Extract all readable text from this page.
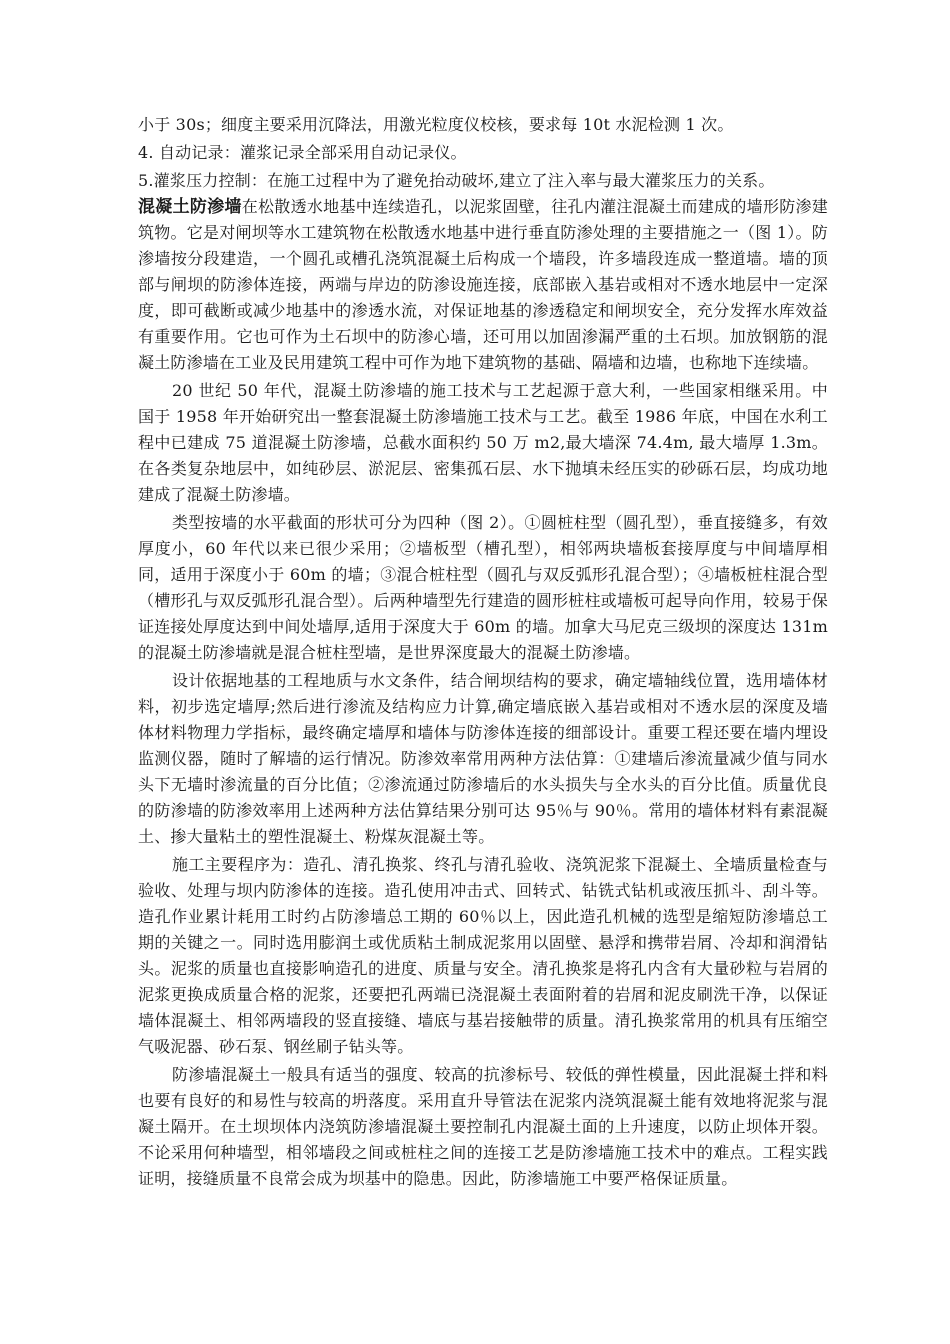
小于 30s；细度主要采用沉降法，用激光粒度仪校核，要求每 10t 水泥检测 1 次。

4. 自动记录：灌浆记录全部采用自动记录仪。

5.灌浆压力控制：在施工过程中为了避免抬动破坏,建立了注入率与最大灌浆压力的关系。

混凝土防渗墙在松散透水地基中连续造孔，以泥浆固壁，往孔内灌注混凝土而建成的墙形防渗建筑物。它是对闸坝等水工建筑物在松散透水地基中进行垂直防渗处理的主要措施之一（图 1）。防渗墙按分段建造，一个圆孔或槽孔浇筑混凝土后构成一个墙段，许多墙段连成一整道墙。墙的顶部与闸坝的防渗体连接，两端与岸边的防渗设施连接，底部嵌入基岩或相对不透水地层中一定深度，即可截断或减少地基中的渗透水流，对保证地基的渗透稳定和闸坝安全，充分发挥水库效益有重要作用。它也可作为土石坝中的防渗心墙，还可用以加固渗漏严重的土石坝。加放钢筋的混凝土防渗墙在工业及民用建筑工程中可作为地下建筑物的基础、隔墙和边墙，也称地下连续墙。

20 世纪 50 年代，混凝土防渗墙的施工技术与工艺起源于意大利，一些国家相继采用。中国于 1958 年开始研究出一整套混凝土防渗墙施工技术与工艺。截至 1986 年底，中国在水利工程中已建成 75 道混凝土防渗墙，总截水面积约 50 万 m2,最大墙深 74.4m, 最大墙厚 1.3m。在各类复杂地层中，如纯砂层、淤泥层、密集孤石层、水下抛填未经压实的砂砾石层，均成功地建成了混凝土防渗墙。

类型按墙的水平截面的形状可分为四种（图 2）。①圆桩柱型（圆孔型），垂直接缝多，有效厚度小，60 年代以来已很少采用；②墙板型（槽孔型），相邻两块墙板套接厚度与中间墙厚相同，适用于深度小于 60m 的墙；③混合桩柱型（圆孔与双反弧形孔混合型）；④墙板桩柱混合型（槽形孔与双反弧形孔混合型）。后两种墙型先行建造的圆形桩柱或墙板可起导向作用，较易于保证连接处厚度达到中间处墙厚,适用于深度大于 60m 的墙。加拿大马尼克三级坝的深度达 131m 的混凝土防渗墙就是混合桩柱型墙，是世界深度最大的混凝土防渗墙。

设计依据地基的工程地质与水文条件，结合闸坝结构的要求，确定墙轴线位置，选用墙体材料，初步选定墙厚;然后进行渗流及结构应力计算,确定墙底嵌入基岩或相对不透水层的深度及墙体材料物理力学指标，最终确定墙厚和墙体与防渗体连接的细部设计。重要工程还要在墙内埋设监测仪器，随时了解墙的运行情况。防渗效率常用两种方法估算：①建墙后渗流量减少值与同水头下无墙时渗流量的百分比值；②渗流通过防渗墙后的水头损失与全水头的百分比值。质量优良的防渗墙的防渗效率用上述两种方法估算结果分别可达 95％与 90％。常用的墙体材料有素混凝土、掺大量粘土的塑性混凝土、粉煤灰混凝土等。

施工主要程序为：造孔、清孔换浆、终孔与清孔验收、浇筑泥浆下混凝土、全墙质量检查与验收、处理与坝内防渗体的连接。造孔使用冲击式、回转式、钻铣式钻机或液压抓斗、刮斗等。造孔作业累计耗用工时约占防渗墙总工期的 60％以上，因此造孔机械的选型是缩短防渗墙总工期的关键之一。同时选用膨润土或优质粘土制成泥浆用以固壁、悬浮和携带岩屑、冷却和润滑钻头。泥浆的质量也直接影响造孔的进度、质量与安全。清孔换浆是将孔内含有大量砂粒与岩屑的泥浆更换成质量合格的泥浆，还要把孔两端已浇混凝土表面附着的岩屑和泥皮刷洗干净，以保证墙体混凝土、相邻两墙段的竖直接缝、墙底与基岩接触带的质量。清孔换浆常用的机具有压缩空气吸泥器、砂石泵、钢丝刷子钻头等。

防渗墙混凝土一般具有适当的强度、较高的抗渗标号、较低的弹性模量，因此混凝土拌和料也要有良好的和易性与较高的坍落度。采用直升导管法在泥浆内浇筑混凝土能有效地将泥浆与混凝土隔开。在土坝坝体内浇筑防渗墙混凝土要控制孔内混凝土面的上升速度，以防止坝体开裂。不论采用何种墙型，相邻墙段之间或桩柱之间的连接工艺是防渗墙施工技术中的难点。工程实践证明，接缝质量不良常会成为坝基中的隐患。因此，防渗墙施工中要严格保证质量。
